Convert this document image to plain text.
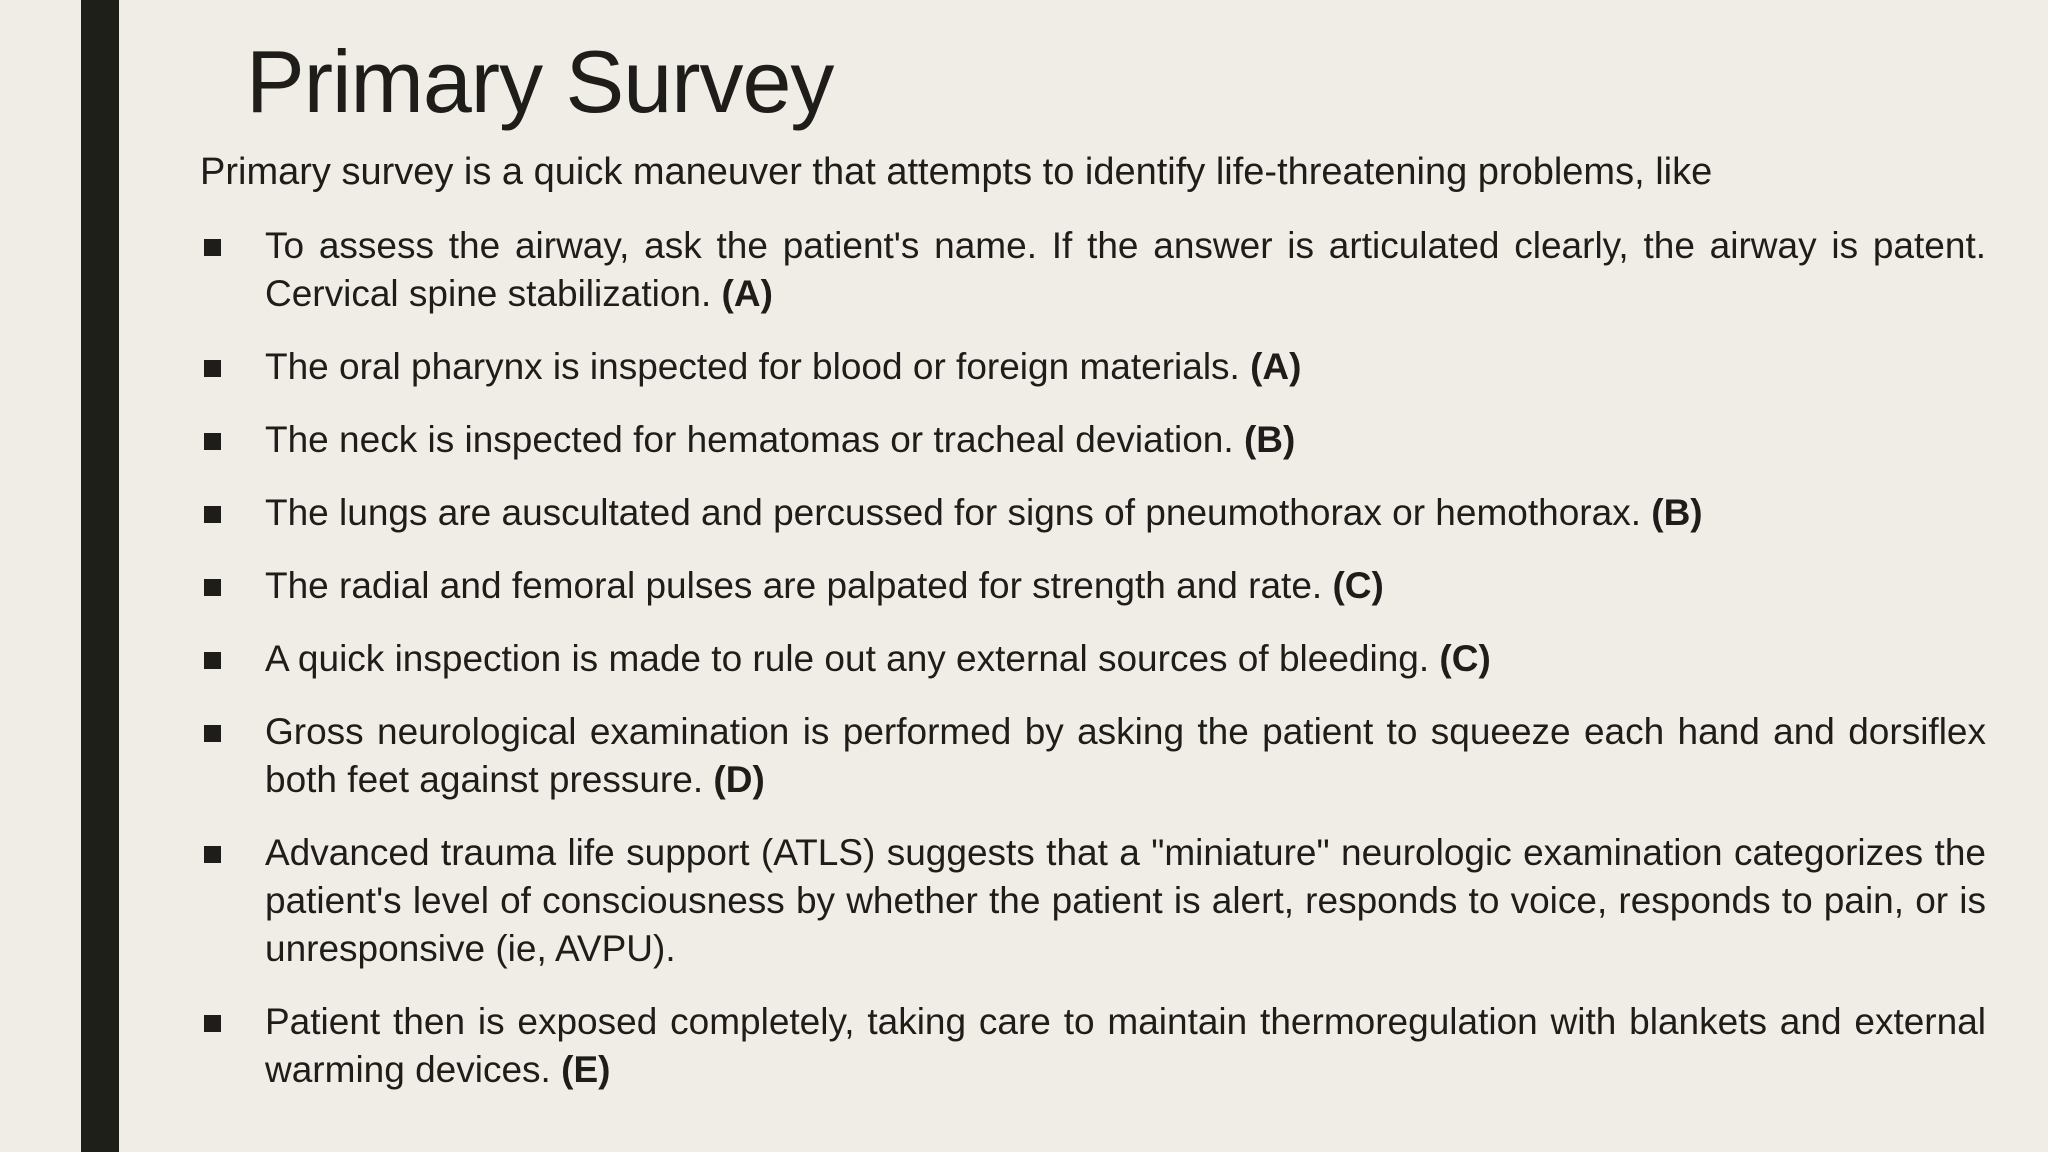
Primary Survey

Primary survey is a quick maneuver that attempts to identify life-threatening problems, like

To assess the airway, ask the patient's name. If the answer is articulated clearly, the airway is patent. Cervical spine stabilization. (A)
The oral pharynx is inspected for blood or foreign materials. (A)
The neck is inspected for hematomas or tracheal deviation. (B)
The lungs are auscultated and percussed for signs of pneumothorax or hemothorax. (B)
The radial and femoral pulses are palpated for strength and rate. (C)
A quick inspection is made to rule out any external sources of bleeding. (C)
Gross neurological examination is performed by asking the patient to squeeze each hand and dorsiflex both feet against pressure. (D)
Advanced trauma life support (ATLS) suggests that a "miniature" neurologic examination categorizes the patient's level of consciousness by whether the patient is alert, responds to voice, responds to pain, or is unresponsive (ie, AVPU).
Patient then is exposed completely, taking care to maintain thermoregulation with blankets and external warming devices. (E)
